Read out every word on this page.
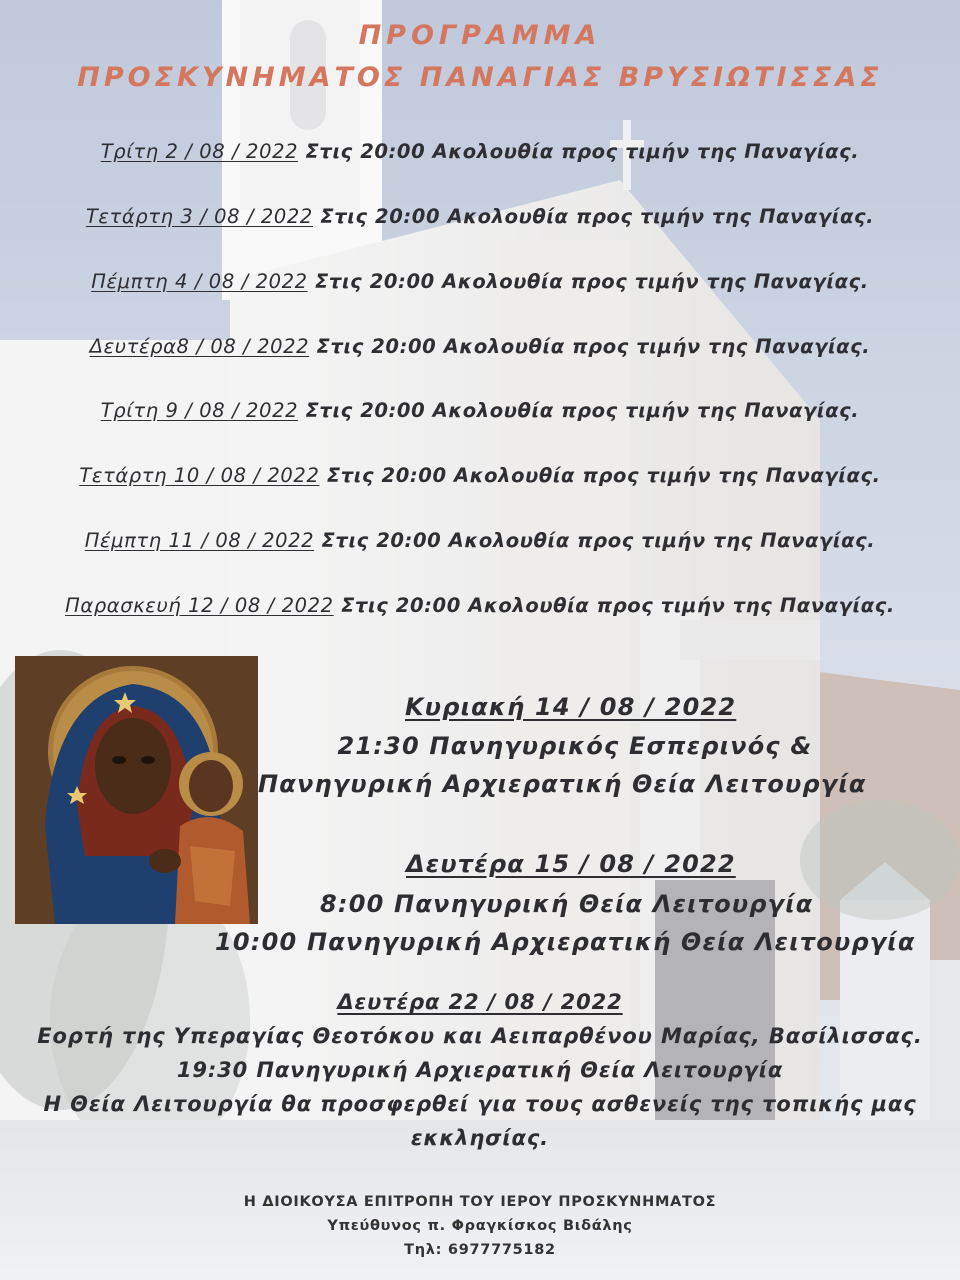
ΠΡΟΓΡΑΜΜΑ
ΠΡΟΣΚΥΝΗΜΑΤΟΣ ΠΑΝΑΓΙΑΣ ΒΡΥΣΙΩΤΙΣΣΑΣ
Τρίτη 2 / 08 / 2022 Στις 20:00 Ακολουθία προς τιμήν της Παναγίας.
Τετάρτη 3 / 08 / 2022 Στις 20:00 Ακολουθία προς τιμήν της Παναγίας.
Πέμπτη 4 / 08 / 2022 Στις 20:00 Ακολουθία προς τιμήν της Παναγίας.
Δευτέρα8 / 08 / 2022 Στις 20:00 Ακολουθία προς τιμήν της Παναγίας.
Τρίτη 9 / 08 / 2022 Στις 20:00 Ακολουθία προς τιμήν της Παναγίας.
Τετάρτη 10 / 08 / 2022 Στις 20:00 Ακολουθία προς τιμήν της Παναγίας.
Πέμπτη 11 / 08 / 2022 Στις 20:00 Ακολουθία προς τιμήν της Παναγίας.
Παρασκευή 12 / 08 / 2022 Στις 20:00 Ακολουθία προς τιμήν της Παναγίας.
Κυριακή 14 / 08 / 2022
21:30 Πανηγυρικός Εσπερινός &
Πανηγυρική Αρχιερατική Θεία Λειτουργία
Δευτέρα 15 / 08 / 2022
8:00 Πανηγυρική Θεία Λειτουργία
10:00 Πανηγυρική Αρχιερατική Θεία Λειτουργία
Δευτέρα 22 / 08 / 2022
Εορτή της Υπεραγίας Θεοτόκου και Αειπαρθένου Μαρίας, Βασίλισσας.
19:30 Πανηγυρική Αρχιερατική Θεία Λειτουργία
Η Θεία Λειτουργία θα προσφερθεί για τους ασθενείς της τοπικής μας
εκκλησίας.
Η ΔΙΟΙΚΟΥΣΑ ΕΠΙΤΡΟΠΗ ΤΟΥ ΙΕΡΟΥ ΠΡΟΣΚΥΝΗΜΑΤΟΣ
Υπεύθυνος π. Φραγκίσκος Βιδάλης
Τηλ: 6977775182
